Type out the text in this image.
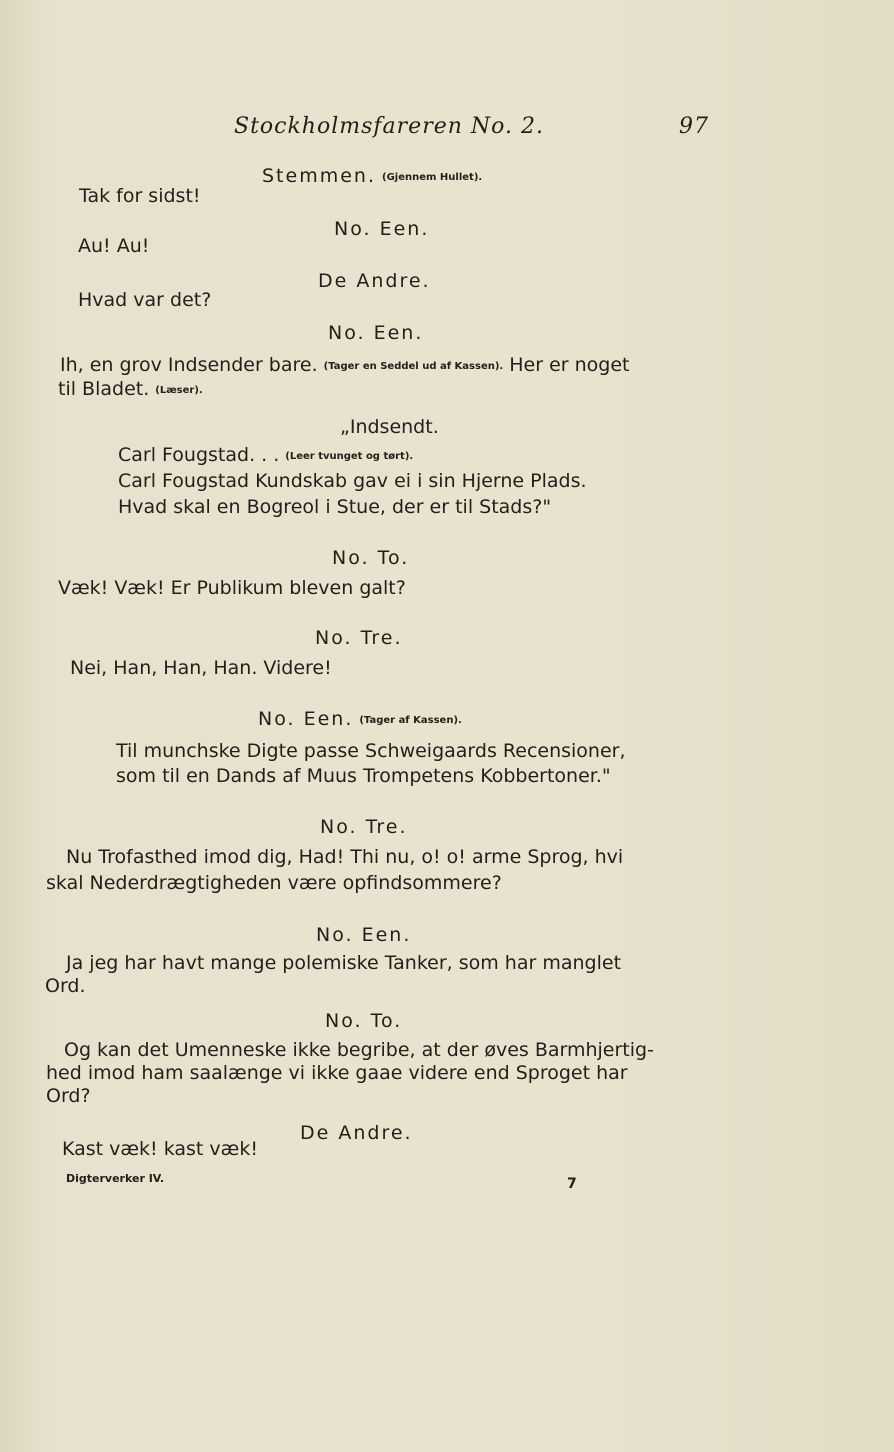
Stockholmsfareren No. 2.	97
Stemmen. (Gjennem Hullet).
Tak for sidst!
No. Een.
Au! Au!
De Andre.
Hvad var det?
No. Een.
Ih, en grov Indsender bare. (Tager en Seddel ud af Kassen). Her er noget
til Bladet. (Læser).
„Indsendt.
Carl Fougstad. . . (Leer tvunget og tørt).
Carl Fougstad Kundskab gav ei i sin Hjerne Plads.
Hvad skal en Bogreol i Stue, der er til Stads?"
No. To.
Væk! Væk! Er Publikum bleven galt?
No. Tre.
Nei, Han, Han, Han. Videre!
No. Een. (Tager af Kassen).
Til munchske Digte passe Schweigaards Recensioner,
som til en Dands af Muus Trompetens Kobbertoner."
No. Tre.
Nu Trofasthed imod dig, Had! Thi nu, o! o! arme Sprog, hvi
skal Nederdrægtigheden være opfindsommere?
No. Een.
Ja jeg har havt mange polemiske Tanker, som har manglet
Ord.
No. To.
Og kan det Umenneske ikke begribe, at der øves Barmhjertig-
hed imod ham saalænge vi ikke gaae videre end Sproget har
Ord?
De Andre.
Kast væk! kast væk!
Digterverker IV.	7
